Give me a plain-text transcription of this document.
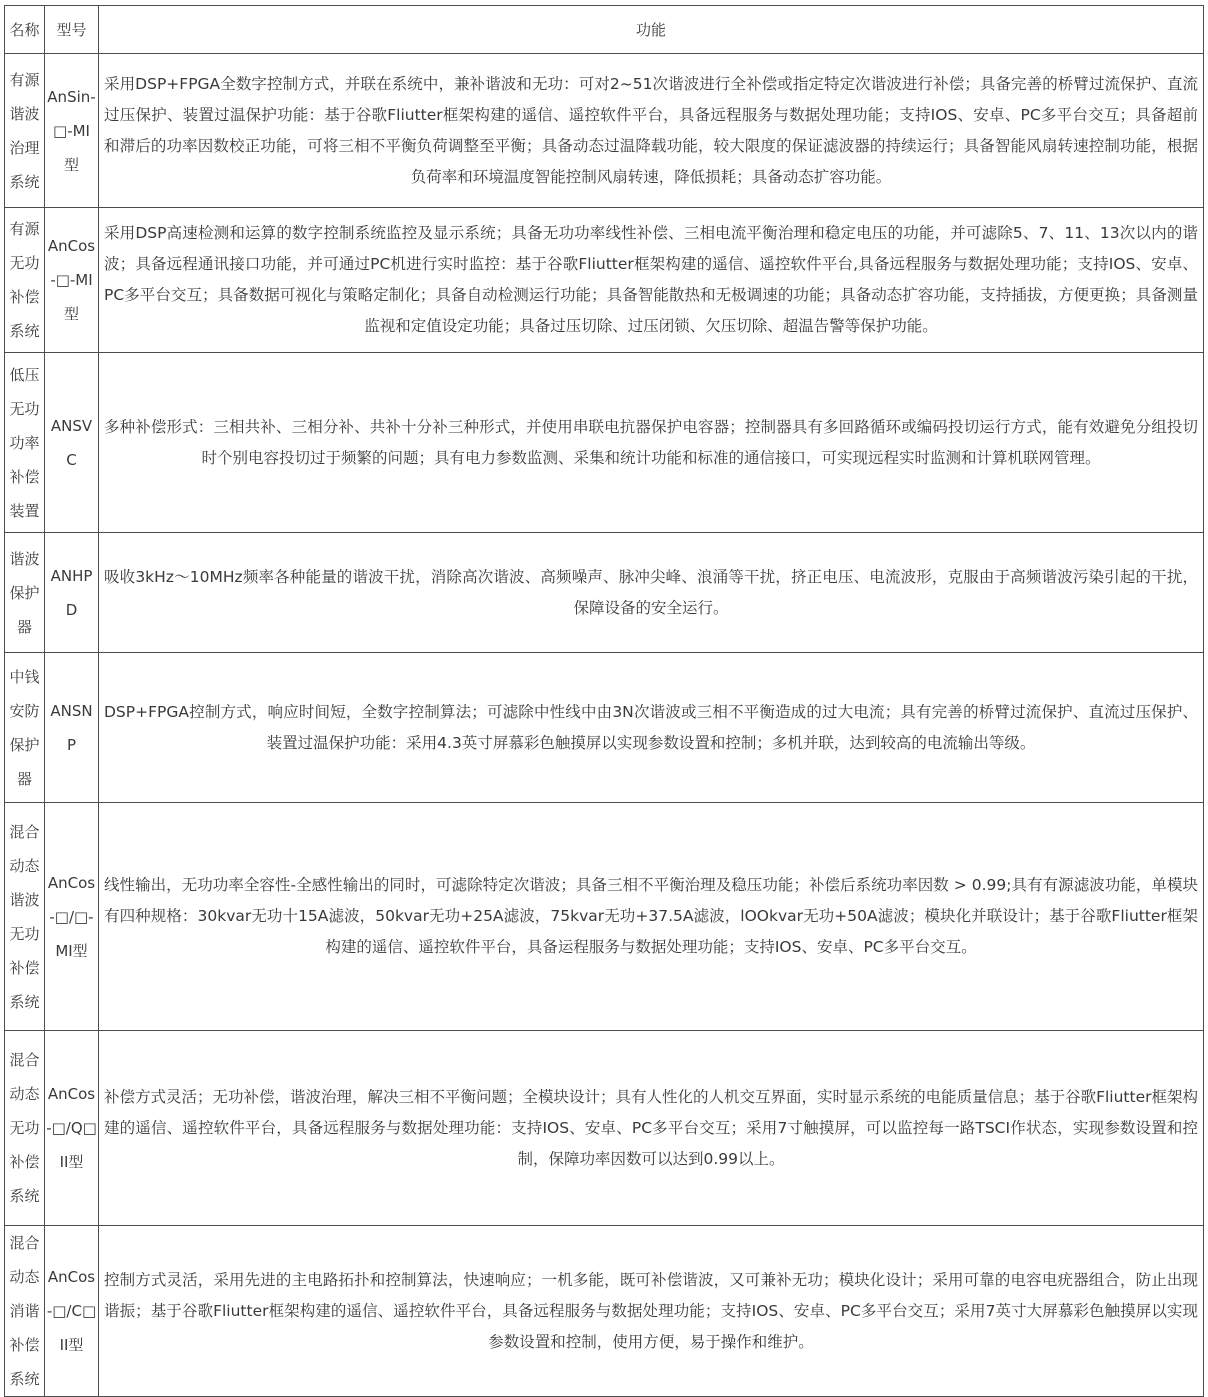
名称	型号	功能
有源谐波治理系统	AnSin-□-MI型	采用DSP+FPGA全数字控制方式，并联在系统中，兼补谐波和无功：可对2~51次谐波进行全补偿或指定特定次谐波进行补偿；具备完善的桥臂过流保护、直流过压保护、装置过温保护功能：基于谷歌Fliutter框架构建的遥信、遥控软件平台，具备远程服务与数据处理功能；支持IOS、安卓、PC多平台交互；具备超前和滞后的功率因数校正功能，可将三相不平衡负荷调整至平衡；具备动态过温降载功能，较大限度的保证滤波器的持续运行；具备智能风扇转速控制功能，根据负荷率和环境温度智能控制风扇转速，降低损耗；具备动态扩容功能。
有源无功补偿系统	AnCos-□-MI型	采用DSP高速检测和运算的数字控制系统监控及显示系统；具备无功功率线性补偿、三相电流平衡治理和稳定电压的功能，并可滤除5、7、11、13次以内的谐波；具备远程通讯接口功能，并可通过PC机进行实时监控：基于谷歌Fliutter框架构建的遥信、遥控软件平台,具备远程服务与数据处理功能；支持IOS、安卓、PC多平台交互；具备数据可视化与策略定制化；具备自动检测运行功能；具备智能散热和无极调速的功能；具备动态扩容功能，支持插拔，方便更换；具备测量监视和定值设定功能；具备过压切除、过压闭锁、欠压切除、超温告警等保护功能。
低压无功功率补偿装置	ANSVC	多种补偿形式：三相共补、三相分补、共补十分补三种形式，并使用串联电抗器保护电容器；控制器具有多回路循环或编码投切运行方式，能有效避免分组投切时个别电容投切过于频繁的问题；具有电力参数监测、采集和统计功能和标准的通信接口，可实现远程实时监测和计算机联网管理。
谐波保护器	ANHPD	吸收3kHz〜10MHz频率各种能量的谐波干扰，消除高次谐波、高频噪声、脉冲尖峰、浪涌等干扰，挤正电压、电流波形，克服由于高频谐波污染引起的干扰，保障设备的安全运行。
中钱安防保护器	ANSNP	DSP+FPGA控制方式，响应时间短，全数字控制算法；可滤除中性线中由3N次谐波或三相不平衡造成的过大电流；具有完善的桥臂过流保护、直流过压保护、装置过温保护功能：采用4.3英寸屏慕彩色触摸屏以实现参数设置和控制；多机并联，达到较高的电流输出等级。
混合动态谐波无功补偿系统	AnCos-□/□-MI型	线性输出，无功功率全容性-全感性输出的同时，可滤除特定次谐波；具备三相不平衡治理及稳压功能；补偿后系统功率因数 > 0.99;具有有源滤波功能，单模块有四种规格：30kvar无功十15A滤波，50kvar无功+25A滤波，75kvar无功+37.5A滤波，lOOkvar无功+50A滤波；模块化并联设计；基于谷歌Fliutter框架构建的遥信、遥控软件平台，具备运程服务与数据处理功能；支持IOS、安卓、PC多平台交互。
混合动态无功补偿系统	AnCos-□/Q□II型	补偿方式灵活；无功补偿，谐波治理，解决三相不平衡问题；全模块设计；具有人性化的人机交互界面，实时显示系统的电能质量信息；基于谷歌Fliutter框架构建的遥信、遥控软件平台，具备远程服务与数据处理功能：支持IOS、安卓、PC多平台交互；采用7寸触摸屏，可以监控每一路TSCI作状态，实现参数设置和控制，保障功率因数可以达到0.99以上。
混合动态消谐补偿系统	AnCos-□/C□II型	控制方式灵活，采用先进的主电路拓扑和控制算法，快速响应；一机多能，既可补偿谐波，又可兼补无功；模块化设计；采用可靠的电容电疣器组合，防止出现谐振；基于谷歌Fliutter框架构建的遥信、遥控软件平台，具备远程服务与数据处理功能；支持IOS、安卓、PC多平台交互；采用7英寸大屏慕彩色触摸屏以实现参数设置和控制，使用方便，易于操作和维护。
